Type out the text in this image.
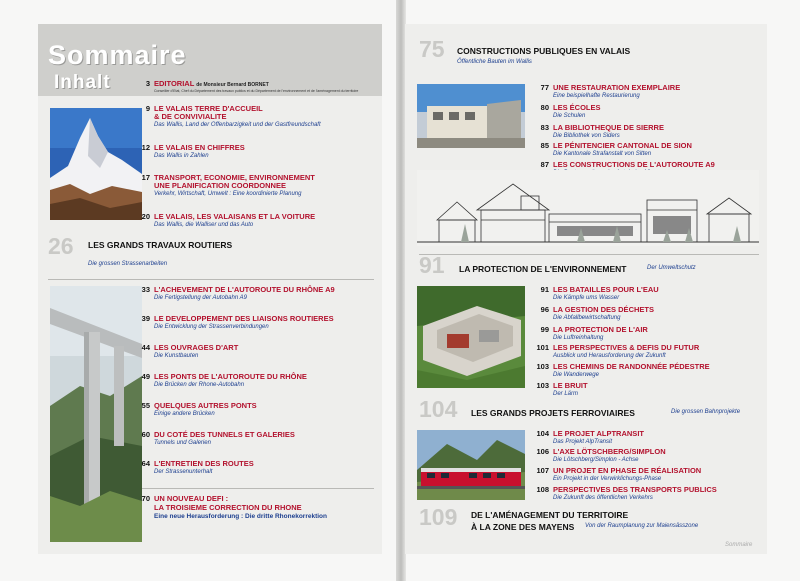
Sommaire
Inhalt	3 EDITORIAL de Monsieur Bernard BORNET
Conseiller d'Etat, Chef du Département des travaux publics et du Département de l'environnement et de l'aménagement du territoire
9 LE VALAIS TERRE D'ACCUEIL
& DE CONVIVIALITE
Das Wallis, Land der Offenbarzigkeit und der Gastfreundschaft
12 LE VALAIS EN CHIFFRES
Das Wallis in Zahlen
17 TRANSPORT, ECONOMIE, ENVIRONNEMENT
UNE PLANIFICATION COORDONNEE
Verkehr, Wirtschaft, Umwelt : Eine koordinierte Planung
20 LE VALAIS, LES VALAISANS ET LA VOITURE
Das Wallis, die Walliser und das Auto
26 LES GRANDS TRAVAUX ROUTIERS
Die grossen Strassenarbeiten
33 L'ACHEVEMENT DE L'AUTOROUTE DU RHÔNE A9
Die Fertigstellung der Autobahn A9
39 LE DEVELOPPEMENT DES LIAISONS ROUTIERES
Die Entwicklung der Strassenverbindungen
44 LES OUVRAGES D'ART
Die Kunstbauten
49 LES PONTS DE L'AUTOROUTE DU RHÔNE
Die Brücken der Rhone-Autobahn
55 QUELQUES AUTRES PONTS
Einige andere Brücken
60 DU COTÉ DES TUNNELS ET GALERIES
Tunnels und Galerien
64 L'ENTRETIEN DES ROUTES
Der Strassenunterhalt
70 UN NOUVEAU DEFI :
LA TROISIEME CORRECTION DU RHONE
Eine neue Herausforderung : Die dritte Rhonekorrektion
75 CONSTRUCTIONS PUBLIQUES EN VALAIS
Öffentliche Bauten im Wallis
77 UNE RESTAURATION EXEMPLAIRE
Eine beispielhafte Restaurierung
80 LES ÉCOLES
Die Schulen
83 LA BIBLIOTHEQUE DE SIERRE
Die Bibliothek von Siders
85 LE PÉNITENCIER CANTONAL DE SION
Die Kantonale Strafanstalt von Sitten
87 LES CONSTRUCTIONS DE L'AUTOROUTE A9
91 LA PROTECTION DE L'ENVIRONNEMENT	Der Umweltschutz
91 LES BATAILLES POUR L'EAU
Die Kämpfe ums Wasser
96 LA GESTION DES DÉCHETS
Die Abfallbewirtschaftung
99 LA PROTECTION DE L'AIR
Die Luftreinhaltung
101 LES PERSPECTIVES & DEFIS DU FUTUR
Ausblick und Herausforderung der Zukunft
103 LES CHEMINS DE RANDONNÉE PÉDESTRE
Die Wanderwege
103 LE BRUIT
Der Lärm
104 LES GRANDS PROJETS FERROVIAIRES	Die grossen Bahnprojekte
104 LE PROJET ALPTRANSIT
Das Projekt AlpTransit
106 L'AXE LÖTSCHBERG/SIMPLON
Die Lötschberg/Simplon - Achse
107 UN PROJET EN PHASE DE RÉALISATION
Ein Projekt in der Verwirklichungs-Phase
108 PERSPECTIVES DES TRANSPORTS PUBLICS
Die Zukunft des öffentlichen Verkehrs
109 DE L'AMÉNAGEMENT DU TERRITOIRE
À LA ZONE DES MAYENS Von der Raumplanung zur Maiensässzone
Sommaire
